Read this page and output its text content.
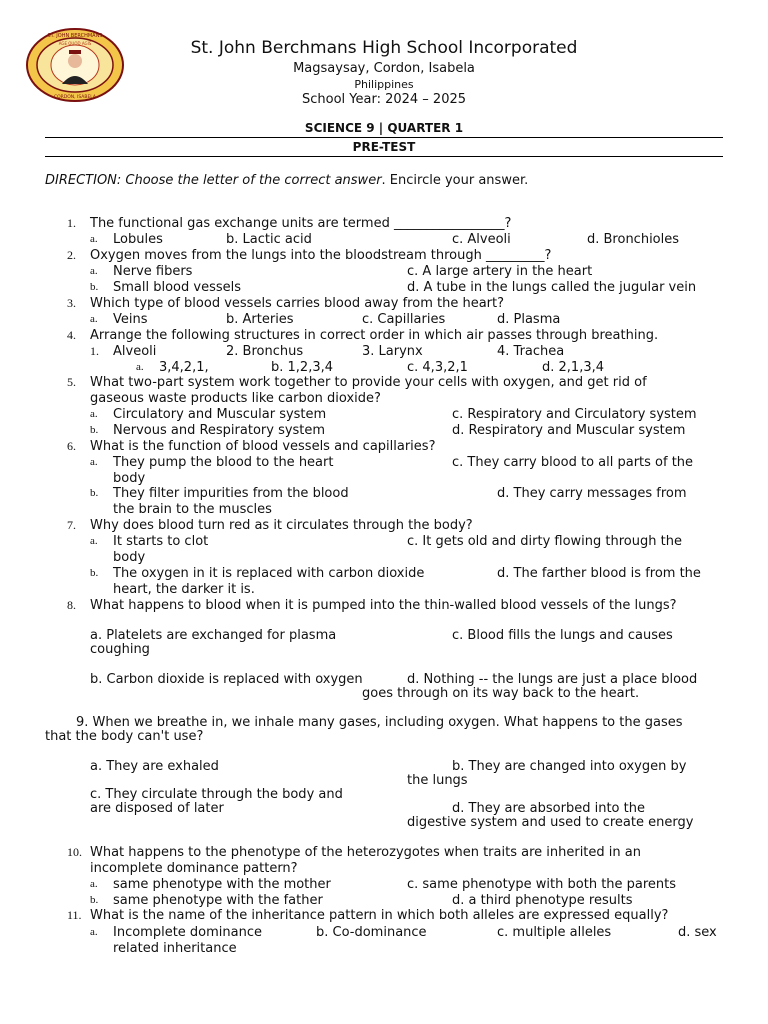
ST. JOHN BERCHMANS
CORDON, ISABELA
AGE QUOD AGIS	St. John Berchmans High School Incorporated
Magsaysay, Cordon, Isabela
Philippines
School Year: 2024 – 2025
SCIENCE 9 | QUARTER 1
PRE-TEST
DIRECTION: Choose the letter of the correct answer. Encircle your answer.
1. The functional gas exchange units are termed _________________?
a. Lobules	b. Lactic acid	c. Alveoli	d. Bronchioles
2. Oxygen moves from the lungs into the bloodstream through _________?
a. Nerve fibers	c. A large artery in the heart
b. Small blood vessels	d. A tube in the lungs called the jugular vein
3. Which type of blood vessels carries blood away from the heart?
a. Veins	b. Arteries	c. Capillaries	d. Plasma
4. Arrange the following structures in correct order in which air passes through breathing.
1. Alveoli	2. Bronchus	3. Larynx	4. Trachea
a. 3,4,2,1,	b. 1,2,3,4	c. 4,3,2,1	d. 2,1,3,4
5. What two-part system work together to provide your cells with oxygen, and get rid of
gaseous waste products like carbon dioxide?
a. Circulatory and Muscular system	c. Respiratory and Circulatory system
b. Nervous and Respiratory system	d. Respiratory and Muscular system
6. What is the function of blood vessels and capillaries?
a. They pump the blood to the heart	c. They carry blood to all parts of the
body
b. They filter impurities from the blood	d. They carry messages from
the brain to the muscles
7. Why does blood turn red as it circulates through the body?
a. It starts to clot	c. It gets old and dirty flowing through the
body
b. The oxygen in it is replaced with carbon dioxide	d. The farther blood is from the
heart, the darker it is.
8. What happens to blood when it is pumped into the thin-walled blood vessels of the lungs?
a. Platelets are exchanged for plasma	c. Blood fills the lungs and causes
coughing
b. Carbon dioxide is replaced with oxygen	d. Nothing -- the lungs are just a place blood
goes through on its way back to the heart.
9. When we breathe in, we inhale many gases, including oxygen. What happens to the gases
that the body can't use?
a. They are exhaled	b. They are changed into oxygen by
the lungs
c. They circulate through the body and
are disposed of later	d. They are absorbed into the
digestive system and used to create energy
10. What happens to the phenotype of the heterozygotes when traits are inherited in an
incomplete dominance pattern?
a. same phenotype with the mother	c. same phenotype with both the parents
b. same phenotype with the father	d. a third phenotype results
11. What is the name of the inheritance pattern in which both alleles are expressed equally?
a. Incomplete dominance	b. Co-dominance	c. multiple alleles	d. sex
related inheritance
